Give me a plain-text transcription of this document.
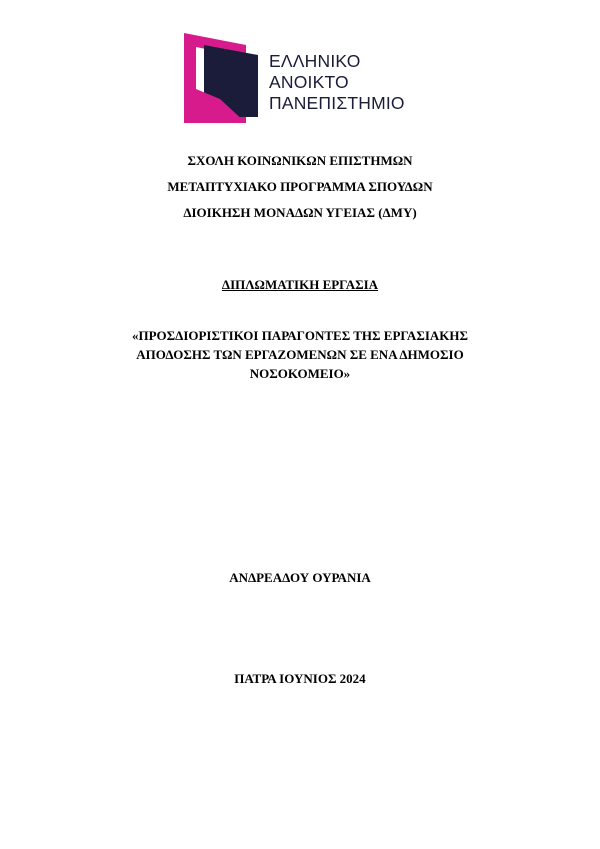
ΕΛΛΗΝΙΚΟ
ΑΝΟΙΚΤΟ
ΠΑΝΕΠΙΣΤΗΜΙΟ
ΣΧΟΛΗ ΚΟΙΝΩΝΙΚΩΝ ΕΠΙΣΤΗΜΩΝ
ΜΕΤΑΠΤΥΧΙΑΚΟ ΠΡΟΓΡΑΜΜΑ ΣΠΟΥΔΩΝ
ΔΙΟΙΚΗΣΗ ΜΟΝΑΔΩΝ ΥΓΕΙΑΣ (ΔΜΥ)
ΔΙΠΛΩΜΑΤΙΚΗ ΕΡΓΑΣΙΑ
«ΠΡΟΣΔΙΟΡΙΣΤΙΚΟΙ ΠΑΡΑΓΟΝΤΕΣ ΤΗΣ ΕΡΓΑΣΙΑΚΗΣ ΑΠΟΔΟΣΗΣ ΤΩΝ ΕΡΓΑΖΟΜΕΝΩΝ ΣΕ ΕΝΑ ΔΗΜΟΣΙΟ ΝΟΣΟΚΟΜΕΙΟ»
ΑΝΔΡΕΑΔΟΥ ΟΥΡΑΝΙΑ
ΠΑΤΡΑ ΙΟΥΝΙΟΣ 2024
